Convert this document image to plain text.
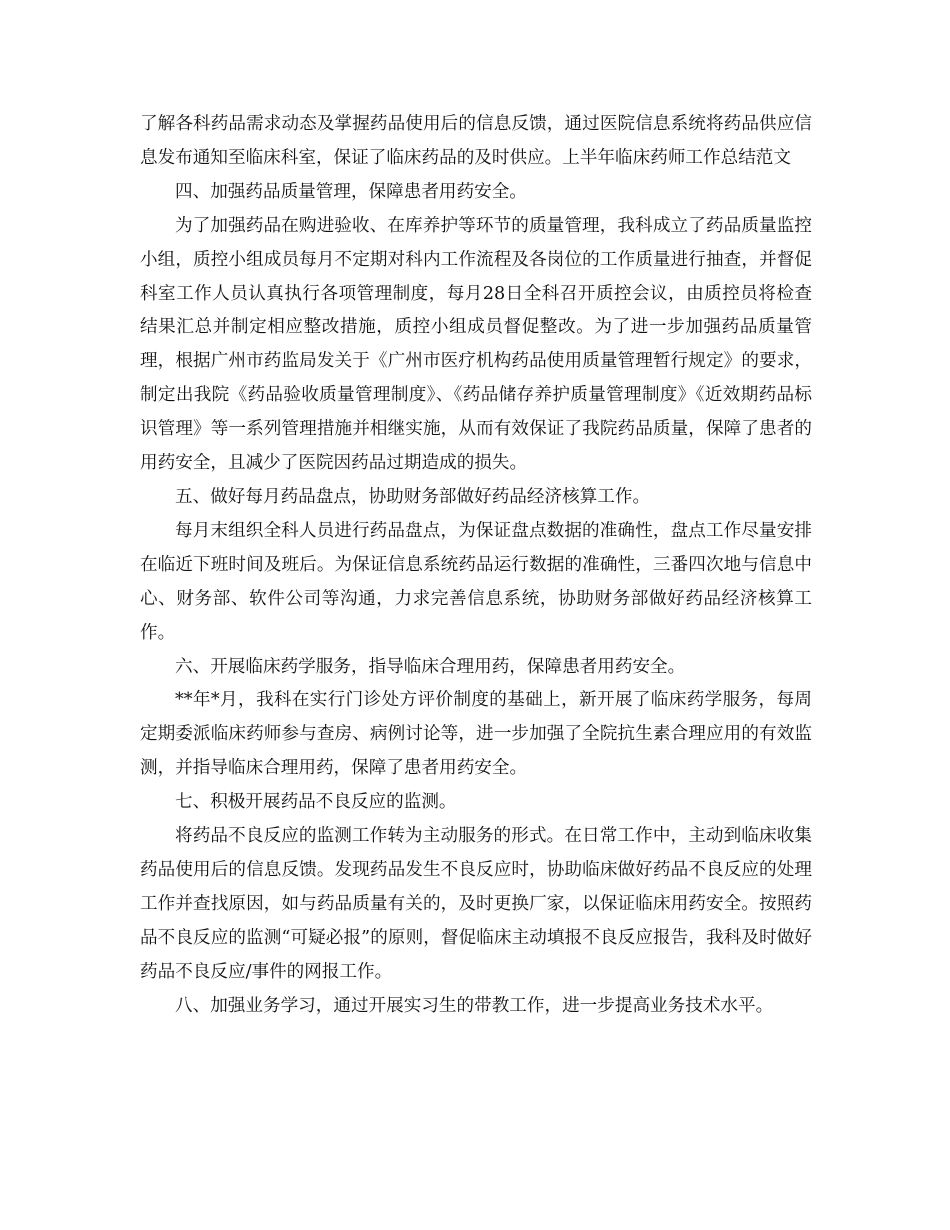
了解各科药品需求动态及掌握药品使用后的信息反馈，通过医院信息系统将药品供应信息发布通知至临床科室，保证了临床药品的及时供应。上半年临床药师工作总结范文

四、加强药品质量管理，保障患者用药安全。

为了加强药品在购进验收、在库养护等环节的质量管理，我科成立了药品质量监控小组，质控小组成员每月不定期对科内工作流程及各岗位的工作质量进行抽查，并督促科室工作人员认真执行各项管理制度，每月28日全科召开质控会议，由质控员将检查结果汇总并制定相应整改措施，质控小组成员督促整改。为了进一步加强药品质量管理，根据广州市药监局发关于《广州市医疗机构药品使用质量管理暂行规定》的要求，制定出我院《药品验收质量管理制度》、《药品储存养护质量管理制度》《近效期药品标识管理》等一系列管理措施并相继实施，从而有效保证了我院药品质量，保障了患者的用药安全，且减少了医院因药品过期造成的损失。

五、做好每月药品盘点，协助财务部做好药品经济核算工作。

每月末组织全科人员进行药品盘点，为保证盘点数据的准确性，盘点工作尽量安排在临近下班时间及班后。为保证信息系统药品运行数据的准确性，三番四次地与信息中心、财务部、软件公司等沟通，力求完善信息系统，协助财务部做好药品经济核算工作。

六、开展临床药学服务，指导临床合理用药，保障患者用药安全。

**年*月，我科在实行门诊处方评价制度的基础上，新开展了临床药学服务，每周定期委派临床药师参与查房、病例讨论等，进一步加强了全院抗生素合理应用的有效监测，并指导临床合理用药，保障了患者用药安全。

七、积极开展药品不良反应的监测。

将药品不良反应的监测工作转为主动服务的形式。在日常工作中，主动到临床收集药品使用后的信息反馈。发现药品发生不良反应时，协助临床做好药品不良反应的处理工作并查找原因，如与药品质量有关的，及时更换厂家，以保证临床用药安全。按照药品不良反应的监测“可疑必报”的原则，督促临床主动填报不良反应报告，我科及时做好药品不良反应/事件的网报工作。

八、加强业务学习，通过开展实习生的带教工作，进一步提高业务技术水平。
